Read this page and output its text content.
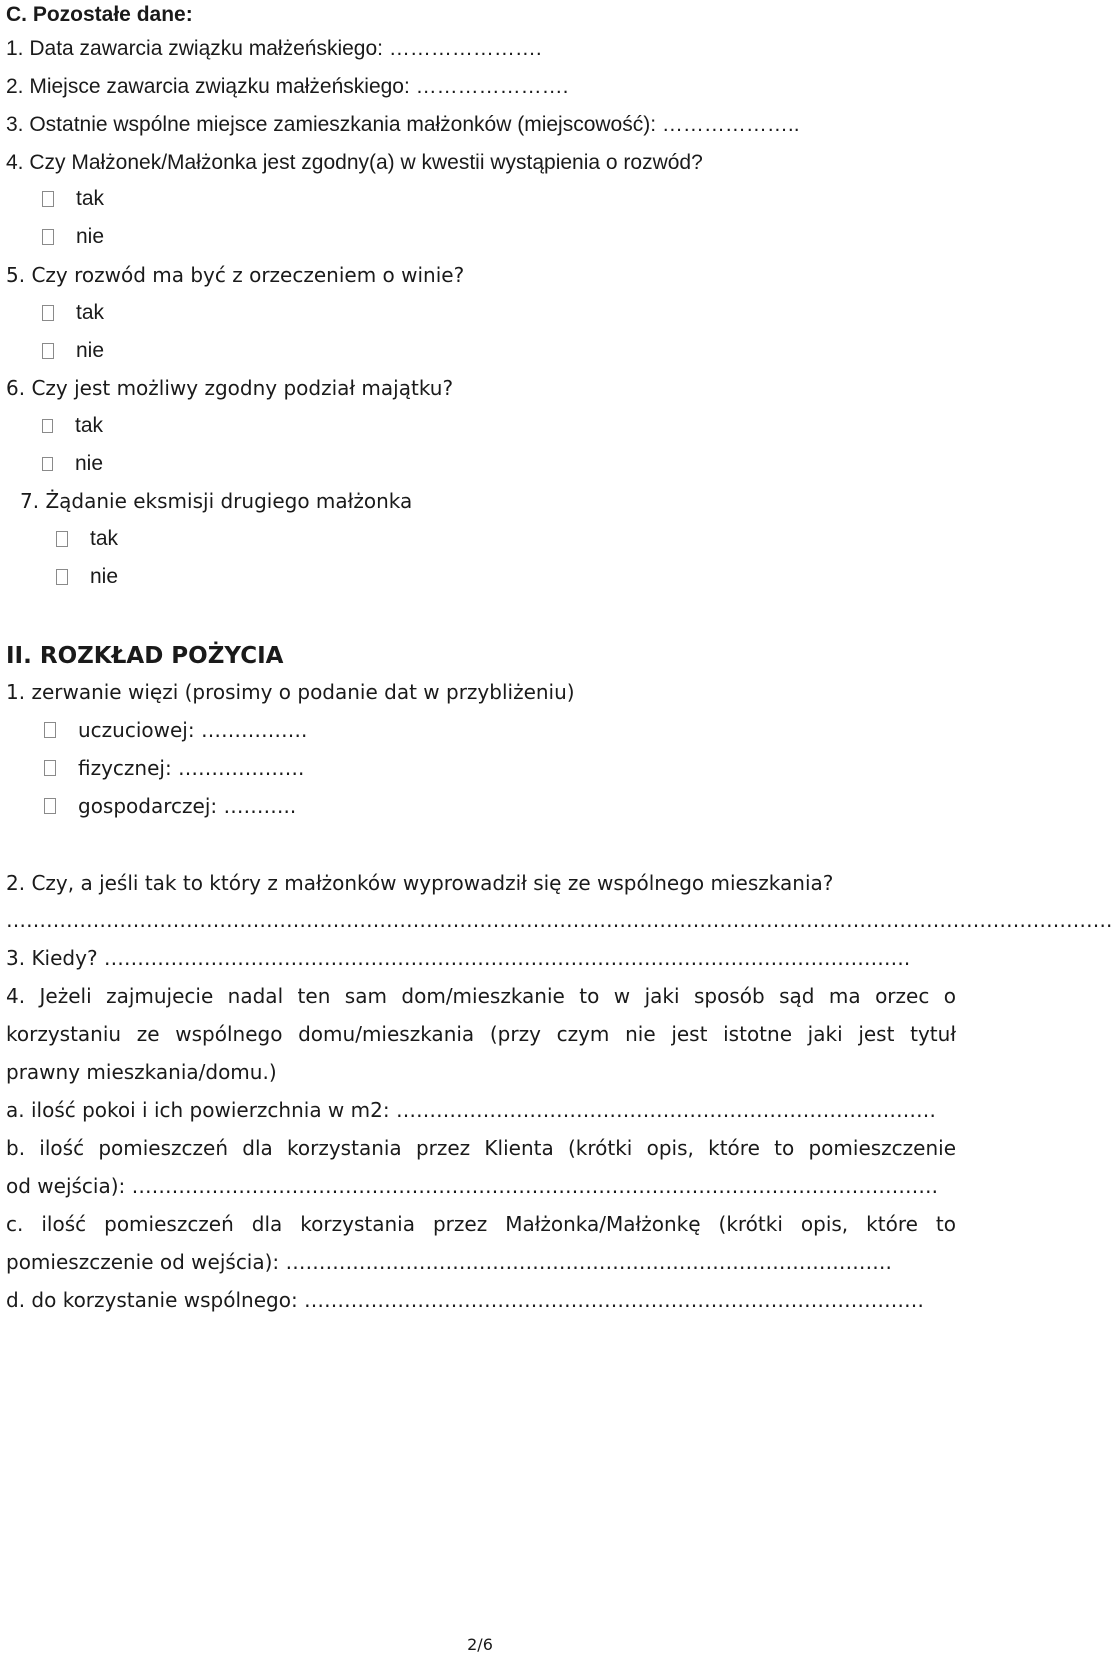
C. Pozostałe dane:
1. Data zawarcia związku małżeńskiego: ………………….
2. Miejsce zawarcia związku małżeńskiego: ………………….
3. Ostatnie wspólne miejsce zamieszkania małżonków (miejscowość): ………………..
4. Czy Małżonek/Małżonka jest zgodny(a) w kwestii wystąpienia o rozwód?
tak
nie
5. Czy rozwód ma być z orzeczeniem o winie?
tak
nie
6. Czy jest możliwy zgodny podział majątku?
tak
nie
7. Żądanie eksmisji drugiego małżonka
tak
nie
II. ROZKŁAD POŻYCIA
1. zerwanie więzi (prosimy o podanie dat w przybliżeniu)
uczuciowej: …………….
fizycznej: ……………….
gospodarczej: ………..
2. Czy, a jeśli tak to który z małżonków wyprowadził się ze wspólnego mieszkania?
………………………………………………………………………………………………………………………………………………….
3. Kiedy? ………………………………………………………………………………………………………….
4. Jeżeli zajmujecie nadal ten sam dom/mieszkanie to w jaki sposób sąd ma orzec o
korzystaniu ze wspólnego domu/mieszkania (przy czym nie jest istotne jaki jest tytuł
prawny mieszkania/domu.)
a. ilość pokoi i ich powierzchnia w m2: ………………………………………………………………………
b. ilość pomieszczeń dla korzystania przez Klienta (krótki opis, które to pomieszczenie
od wejścia): ………………………………………………………………………………………………………….
c. ilość pomieszczeń dla korzystania przez Małżonka/Małżonkę (krótki opis, które to
pomieszczenie od wejścia): ……………………………………………………………………………….
d. do korzystanie wspólnego: …………………………………………………………………………………
2/6
